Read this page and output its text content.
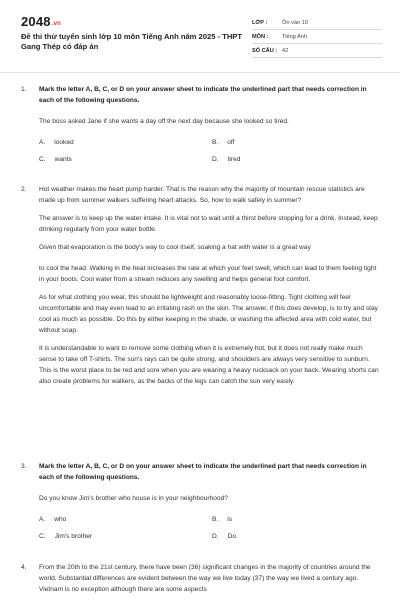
2048.vn
Đề thi thử tuyển sinh lớp 10 môn Tiếng Anh năm 2025 - THPT Gang Thép có đáp án
LỚP :	Ôn vào 10
MÔN :	Tiếng Anh
SỐ CÂU : 42
1.	Mark the letter A, B, C, or D on your answer sheet to indicate the underlined part that needs correction in each of the following questions.
The boss asked Jane if she wants a day off the next day because she looked so tired.
A. looked	B. off
C. wants	D. tired
2.	Hot weather makes the heart pump harder. That is the reason why the majority of mountain rescue statistics are made up from summer walkers suffering heart attacks. So, how to walk safely in summer?

The answer is to keep up the water intake. It is vital not to wait until a thirst before stopping for a drink. Instead, keep drinking regularly from your water bottle.

Given that evaporation is the body's way to cool itself, soaking a hat with water is a great way

to cool the head. Walking in the heat increases the rate at which your feet swell, which can lead to them feeling tight in your boots. Cool water from a stream reduces any swelling and helps general foot comfort.

As for what clothing you wear, this should be lightweight and reasonably loose-fitting. Tight clothing will feel uncomfortable and may even lead to an irritating rash on the skin. The answer, if this does develop, is to try and stay cool as much as possible. Do this by either keeping in the shade, or washing the affected area with cold water, but without soap.

It is understandable to want to remove some clothing when it is extremely hot, but it does not really make much sense to take off T-shirts. The sun's rays can be quite strong, and shoulders are always very sensitive to sunburn. This is the worst place to be red and sore when you are wearing a heavy rucksack on your back. Wearing shorts can also create problems for walkers, as the backs of the legs can catch the sun very easily.

3.	Mark the letter A, B, C, or D on your answer sheet to indicate the underlined part that needs correction in each of the following questions.
Do you know Jim's brother who house is in your neighbourhood?
A. who	B. is
C. Jim's brother	D. Do
4.	From the 20th to the 21st century, there have been (36) significant changes in the majority of countries around the world. Substantial differences are evident between the way we live today (37) the way we lived a century ago. Vietnam is no exception although there are some aspects
